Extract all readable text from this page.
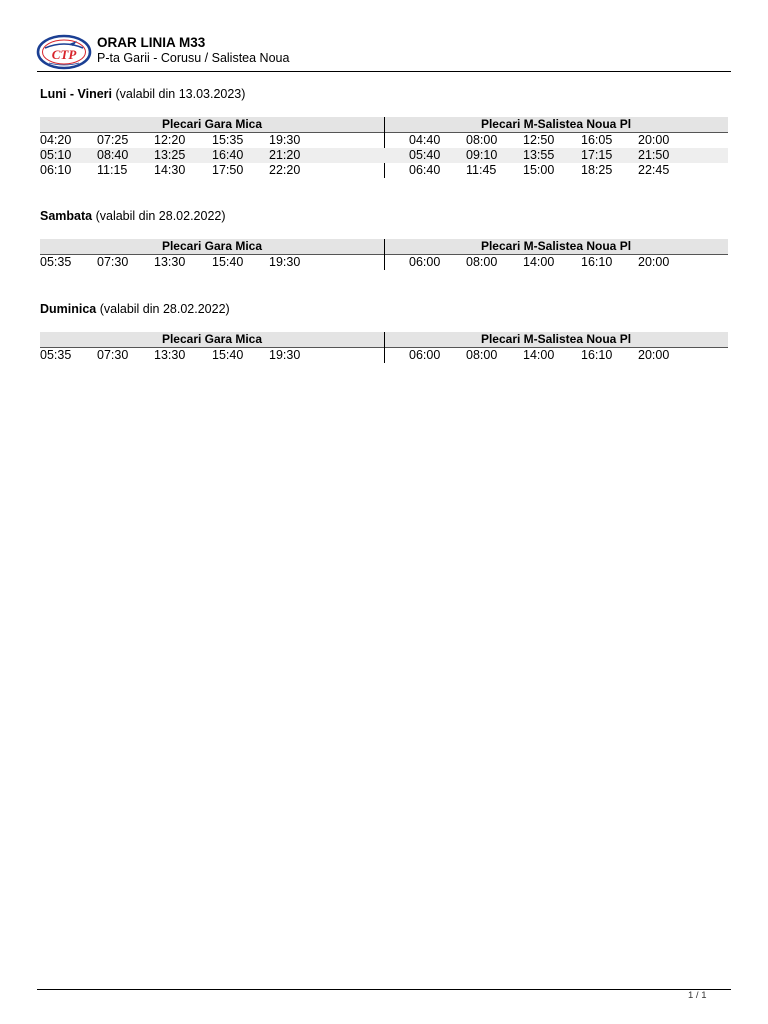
CTP
ORAR LINIA M33
P-ta Garii - Corusu / Salistea Noua

Luni - Vineri (valabil din 13.03.2023)

Plecari Gara Mica
04:20 07:25 12:20 15:35 19:30
05:10 08:40 13:25 16:40 21:20
06:10 11:15 14:30 17:50 22:20
Plecari M-Salistea Noua Pl
04:40 08:00 12:50 16:05 20:00
05:40 09:10 13:55 17:15 21:50
06:40 11:45 15:00 18:25 22:45

Sambata (valabil din 28.02.2022)

Plecari Gara Mica
05:35 07:30 13:30 15:40 19:30
Plecari M-Salistea Noua Pl
06:00 08:00 14:00 16:10 20:00

Duminica (valabil din 28.02.2022)

Plecari Gara Mica
05:35 07:30 13:30 15:40 19:30
Plecari M-Salistea Noua Pl
06:00 08:00 14:00 16:10 20:00
1 / 1
